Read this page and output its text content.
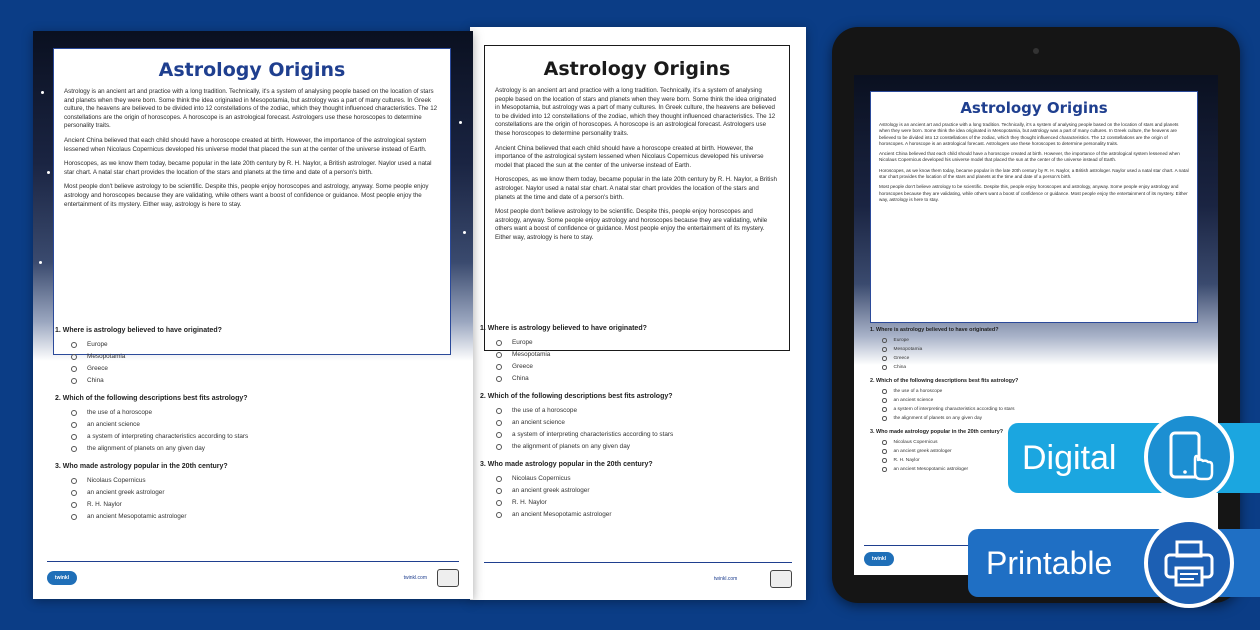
Astrology Origins

Astrology is an ancient art and practice with a long tradition. Technically, it's a system of analysing people based on the location of stars and planets when they were born. Some think the idea originated in Mesopotamia, but astrology was a part of many cultures. In Greek culture, the heavens are believed to be divided into 12 constellations of the zodiac, which they thought influenced characteristics. The 12 constellations are the origin of horoscopes. A horoscope is an astrological forecast. Astrologers use these horoscopes to determine personality traits.

Ancient China believed that each child should have a horoscope created at birth. However, the importance of the astrological system lessened when Nicolaus Copernicus developed his universe model that placed the sun at the center of the universe instead of Earth.

Horoscopes, as we know them today, became popular in the late 20th century by R. H. Naylor, a British astrologer. Naylor used a natal star chart. A natal star chart provides the location of the stars and planets at the time and date of a person's birth.

Most people don't believe astrology to be scientific. Despite this, people enjoy horoscopes and astrology, anyway. Some people enjoy astrology and horoscopes because they are validating, while others want a boost of confidence or guidance. Most people enjoy the entertainment of its mystery. Either way, astrology is here to stay.

1. Where is astrology believed to have originated?
Europe
Mesopotamia
Greece
China
2. Which of the following descriptions best fits astrology?
the use of a horoscope
an ancient science
a system of interpreting characteristics according to stars
the alignment of planets on any given day
3. Who made astrology popular in the 20th century?
Nicolaus Copernicus
an ancient greek astrologer
R. H. Naylor
an ancient Mesopotamic astrologer
twinkl.com
Astrology Origins

Astrology is an ancient art and practice with a long tradition. Technically, it's a system of analysing people based on the location of stars and planets when they were born. Some think the idea originated in Mesopotamia, but astrology was a part of many cultures. In Greek culture, the heavens are believed to be divided into 12 constellations of the zodiac, which they thought influenced characteristics. The 12 constellations are the origin of horoscopes. A horoscope is an astrological forecast. Astrologers use these horoscopes to determine personality traits.

Ancient China believed that each child should have a horoscope created at birth. However, the importance of the astrological system lessened when Nicolaus Copernicus developed his universe model that placed the sun at the center of the universe instead of Earth.

Horoscopes, as we know them today, became popular in the late 20th century by R. H. Naylor, a British astrologer. Naylor used a natal star chart. A natal star chart provides the location of the stars and planets at the time and date of a person's birth.

Most people don't believe astrology to be scientific. Despite this, people enjoy horoscopes and astrology, anyway. Some people enjoy astrology and horoscopes because they are validating, while others want a boost of confidence or guidance. Most people enjoy the entertainment of its mystery. Either way, astrology is here to stay.

1. Where is astrology believed to have originated?
Europe
Mesopotamia
Greece
China
2. Which of the following descriptions best fits astrology?
the use of a horoscope
an ancient science
a system of interpreting characteristics according to stars
the alignment of planets on any given day
3. Who made astrology popular in the 20th century?
Nicolaus Copernicus
an ancient greek astrologer
R. H. Naylor
an ancient Mesopotamic astrologer
twinkl	twinkl.com
Astrology Origins

Astrology is an ancient art and practice with a long tradition. Technically, it's a system of analysing people based on the location of stars and planets when they were born. Some think the idea originated in Mesopotamia, but astrology was a part of many cultures. In Greek culture, the heavens are believed to be divided into 12 constellations of the zodiac, which they thought influenced characteristics. The 12 constellations are the origin of horoscopes. A horoscope is an astrological forecast. Astrologers use these horoscopes to determine personality traits.

Ancient China believed that each child should have a horoscope created at birth. However, the importance of the astrological system lessened when Nicolaus Copernicus developed his universe model that placed the sun at the center of the universe instead of Earth.

Horoscopes, as we know them today, became popular in the late 20th century by R. H. Naylor, a British astrologer. Naylor used a natal star chart. A natal star chart provides the location of the stars and planets at the time and date of a person's birth.

Most people don't believe astrology to be scientific. Despite this, people enjoy horoscopes and astrology, anyway. Some people enjoy astrology and horoscopes because they are validating, while others want a boost of confidence or guidance. Most people enjoy the entertainment of its mystery. Either way, astrology is here to stay.

1. Where is astrology believed to have originated?
Europe
Mesopotamia
Greece
China
2. Which of the following descriptions best fits astrology?
the use of a horoscope
an ancient science
a system of interpreting characteristics according to stars
the alignment of planets on any given day
3. Who made astrology popular in the 20th century?
Nicolaus Copernicus
an ancient greek astrologer
R. H. Naylor
an ancient Mesopotamic astrologer
twinkl
Digital
Printable
